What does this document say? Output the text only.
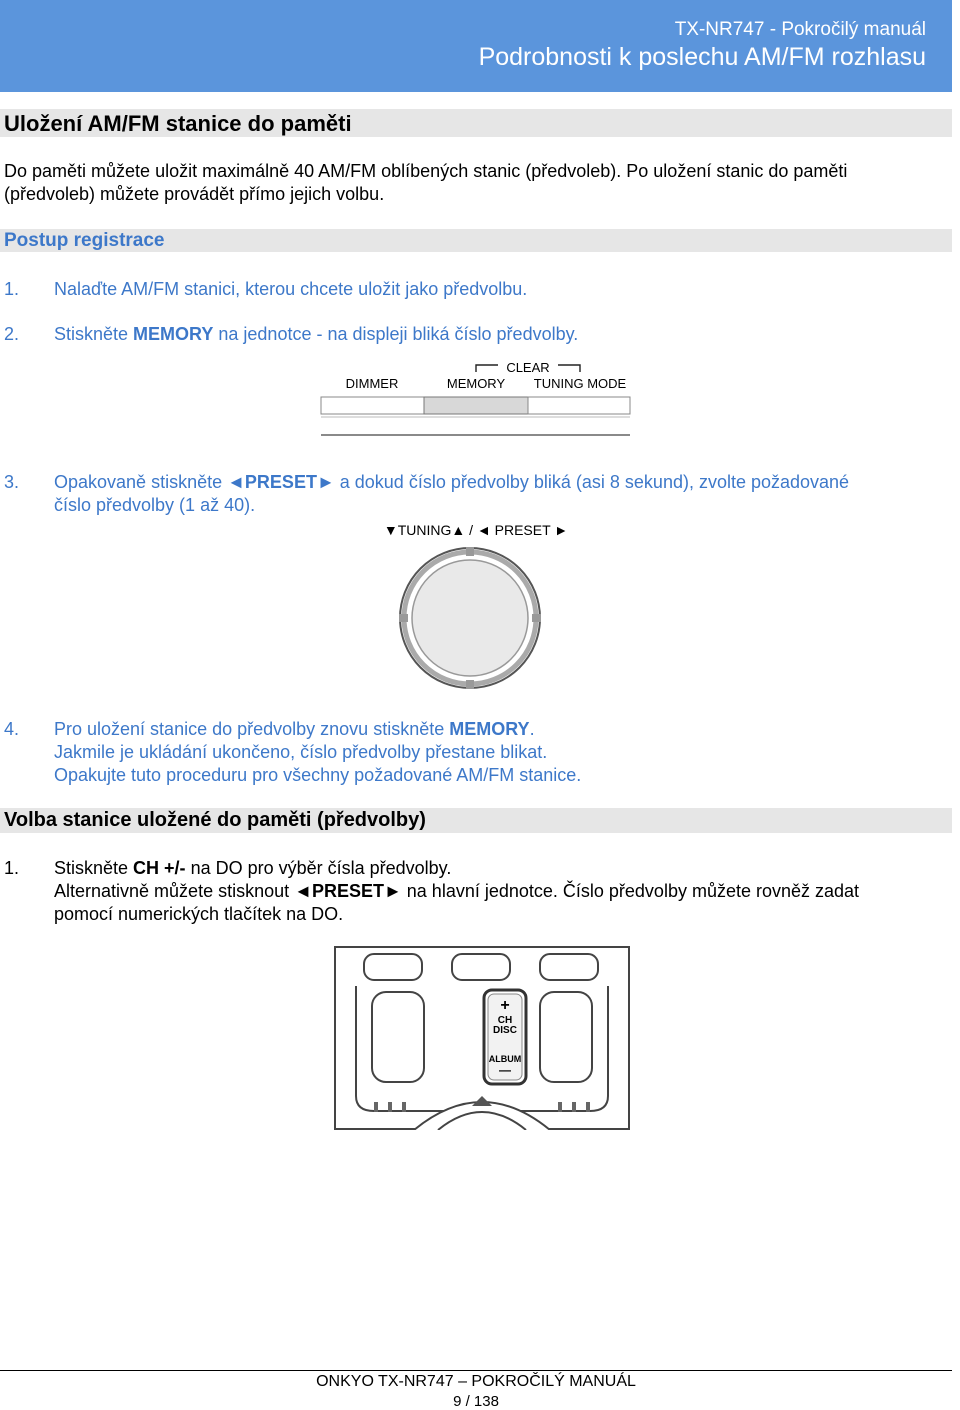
TX-NR747 - Pokročilý manuál
Podrobnosti k poslechu AM/FM rozhlasu
Uložení AM/FM stanice do paměti
Do paměti můžete uložit maximálně 40 AM/FM oblíbených stanic (předvoleb). Po uložení stanic do paměti
(předvoleb) můžete provádět přímo jejich volbu.
Postup registrace
1. Nalaďte AM/FM stanici, kterou chcete uložit jako předvolbu.
2. Stiskněte MEMORY na jednotce - na displeji bliká číslo předvolby.
CLEAR
DIMMER	MEMORY TUNING MODE
3. Opakovaně stiskněte ◄PRESET► a dokud číslo předvolby bliká (asi 8 sekund), zvolte požadované
číslo předvolby (1 až 40).
▼TUNING▲ / ◄ PRESET ►
4. Pro uložení stanice do předvolby znovu stiskněte MEMORY.
Jakmile je ukládání ukončeno, číslo předvolby přestane blikat.
Opakujte tuto proceduru pro všechny požadované AM/FM stanice.
Volba stanice uložené do paměti (předvolby)
1. Stiskněte CH +/- na DO pro výběr čísla předvolby.
Alternativně můžete stisknout ◄PRESET► na hlavní jednotce. Číslo předvolby můžete rovněž zadat
pomocí numerických tlačítek na DO.
+
CH
DISC
ALBUM
—
ONKYO TX-NR747 – POKROČILÝ MANUÁL
9 / 138
